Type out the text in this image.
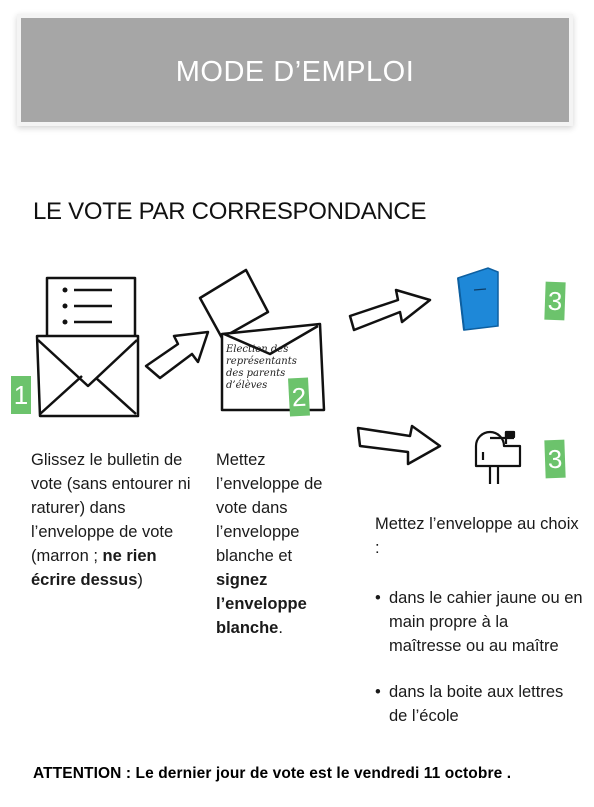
MODE D’EMPLOI
LE VOTE PAR CORRESPONDANCE
1	2
3
3
Election des représentants des parents d’élèves
Glissez le bulletin de vote (sans entourer ni raturer) dans l’enveloppe de vote (marron ; ne rien écrire dessus)
Mettez l’enveloppe de vote dans l’enveloppe blanche et signez l’enveloppe blanche.
Mettez l’enveloppe au choix :
• dans le cahier jaune ou en main propre à la maîtresse ou au maître
• dans la boite aux lettres de l’école
ATTENTION : Le dernier jour de vote est le vendredi 11 octobre .
